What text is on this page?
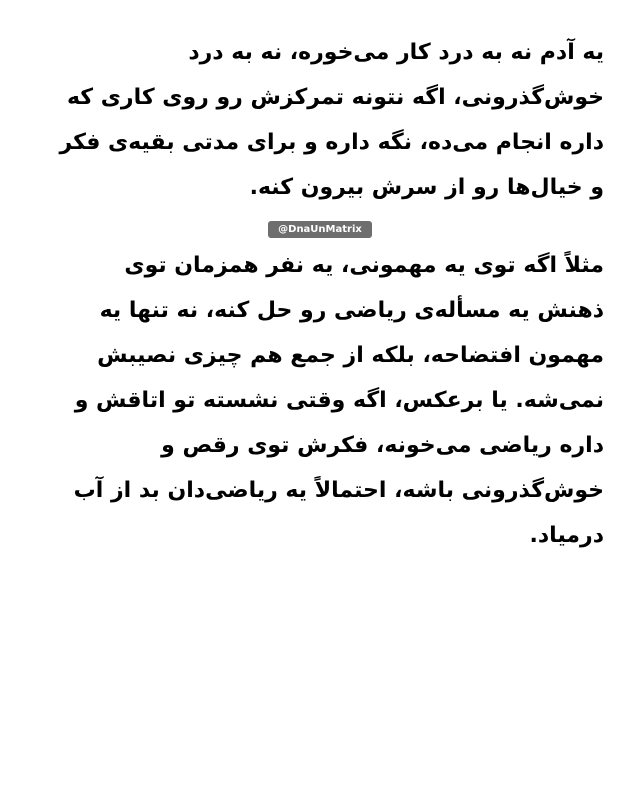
یه آدم نه به درد کار می‌خوره، نه به درد
خوش‌گذرونی، اگه نتونه تمرکزش رو روی کاری که
داره انجام می‌ده، نگه داره و برای مدتی بقیه‌ی فکر
و خیال‌ها رو از سرش بیرون کنه.
@DnaUnMatrix
مثلاً اگه توی یه مهمونی، یه نفر همزمان توی
ذهنش یه مسأله‌ی ریاضی رو حل کنه، نه تنها یه
مهمون افتضاحه، بلکه از جمع هم چیزی نصیبش
نمی‌شه. یا برعکس، اگه وقتی نشسته تو اتاقش و
داره ریاضی می‌خونه، فکرش توی رقص و
خوش‌گذرونی باشه، احتمالاً یه ریاضی‌دان بد از آب
درمیاد.
